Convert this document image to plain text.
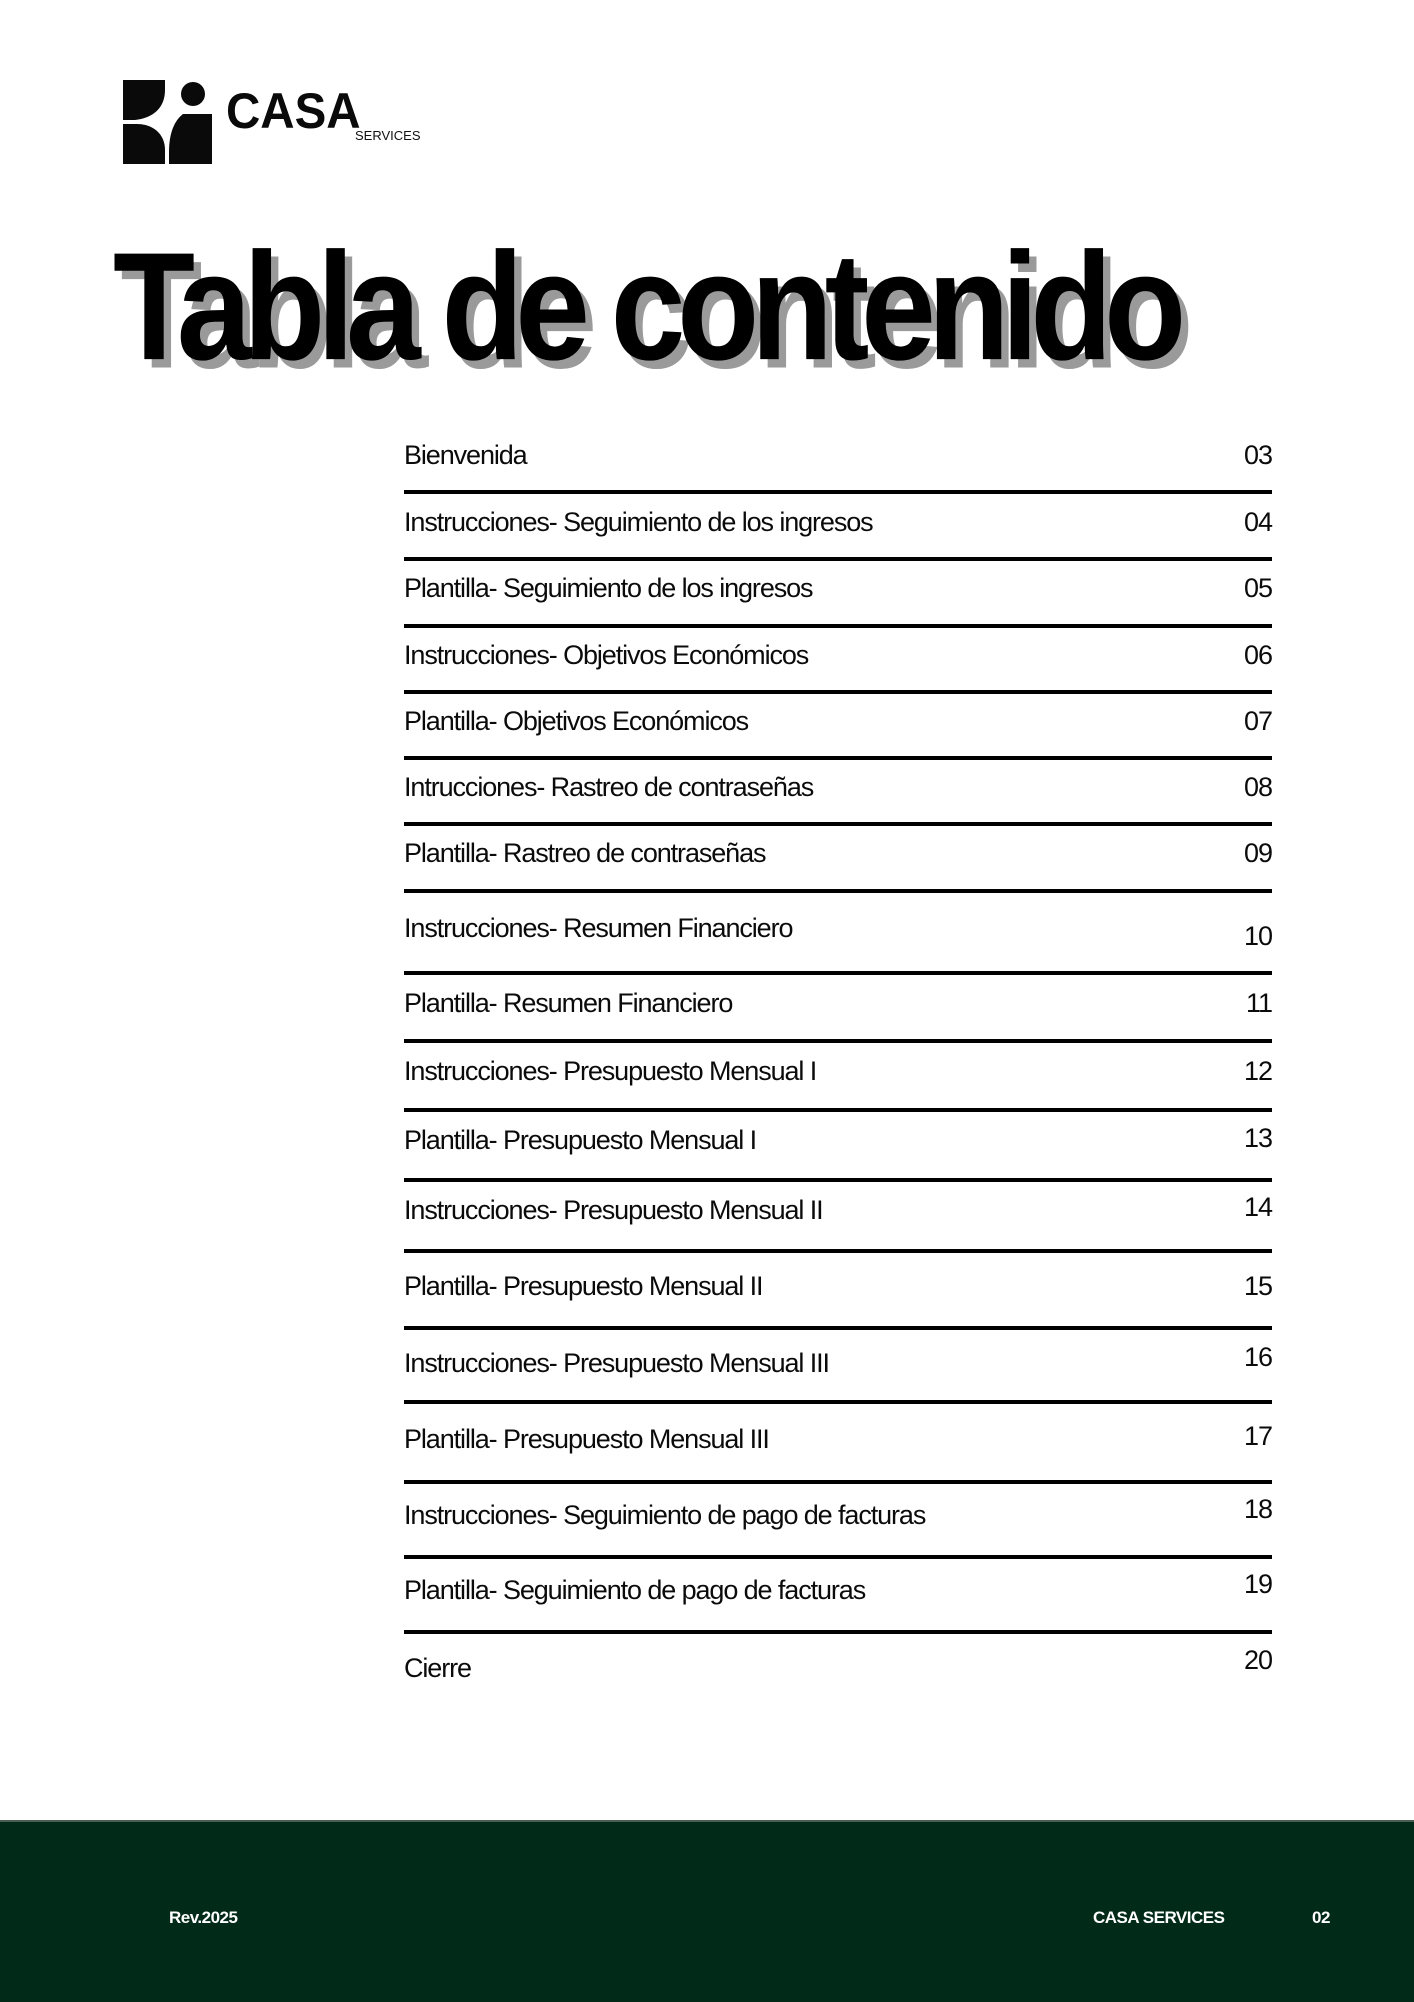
CASA
SERVICES
Tabla de contenido
Bienvenida	03
Instrucciones- Seguimiento de los ingresos	04
Plantilla- Seguimiento de los ingresos	05
Instrucciones- Objetivos Económicos	06
Plantilla- Objetivos Económicos	07
Intrucciones- Rastreo de contraseñas	08
Plantilla- Rastreo de contraseñas	09
Instrucciones- Resumen Financiero	10
Plantilla- Resumen Financiero	11
Instrucciones- Presupuesto Mensual I	12
Plantilla- Presupuesto Mensual I	13
Instrucciones- Presupuesto Mensual II	14
Plantilla- Presupuesto Mensual II	15
Instrucciones- Presupuesto Mensual III	16
Plantilla- Presupuesto Mensual III	17
Instrucciones- Seguimiento de pago de facturas	18
Plantilla- Seguimiento de pago de facturas	19
Cierre	20
Rev.2025	CASA SERVICES	02
